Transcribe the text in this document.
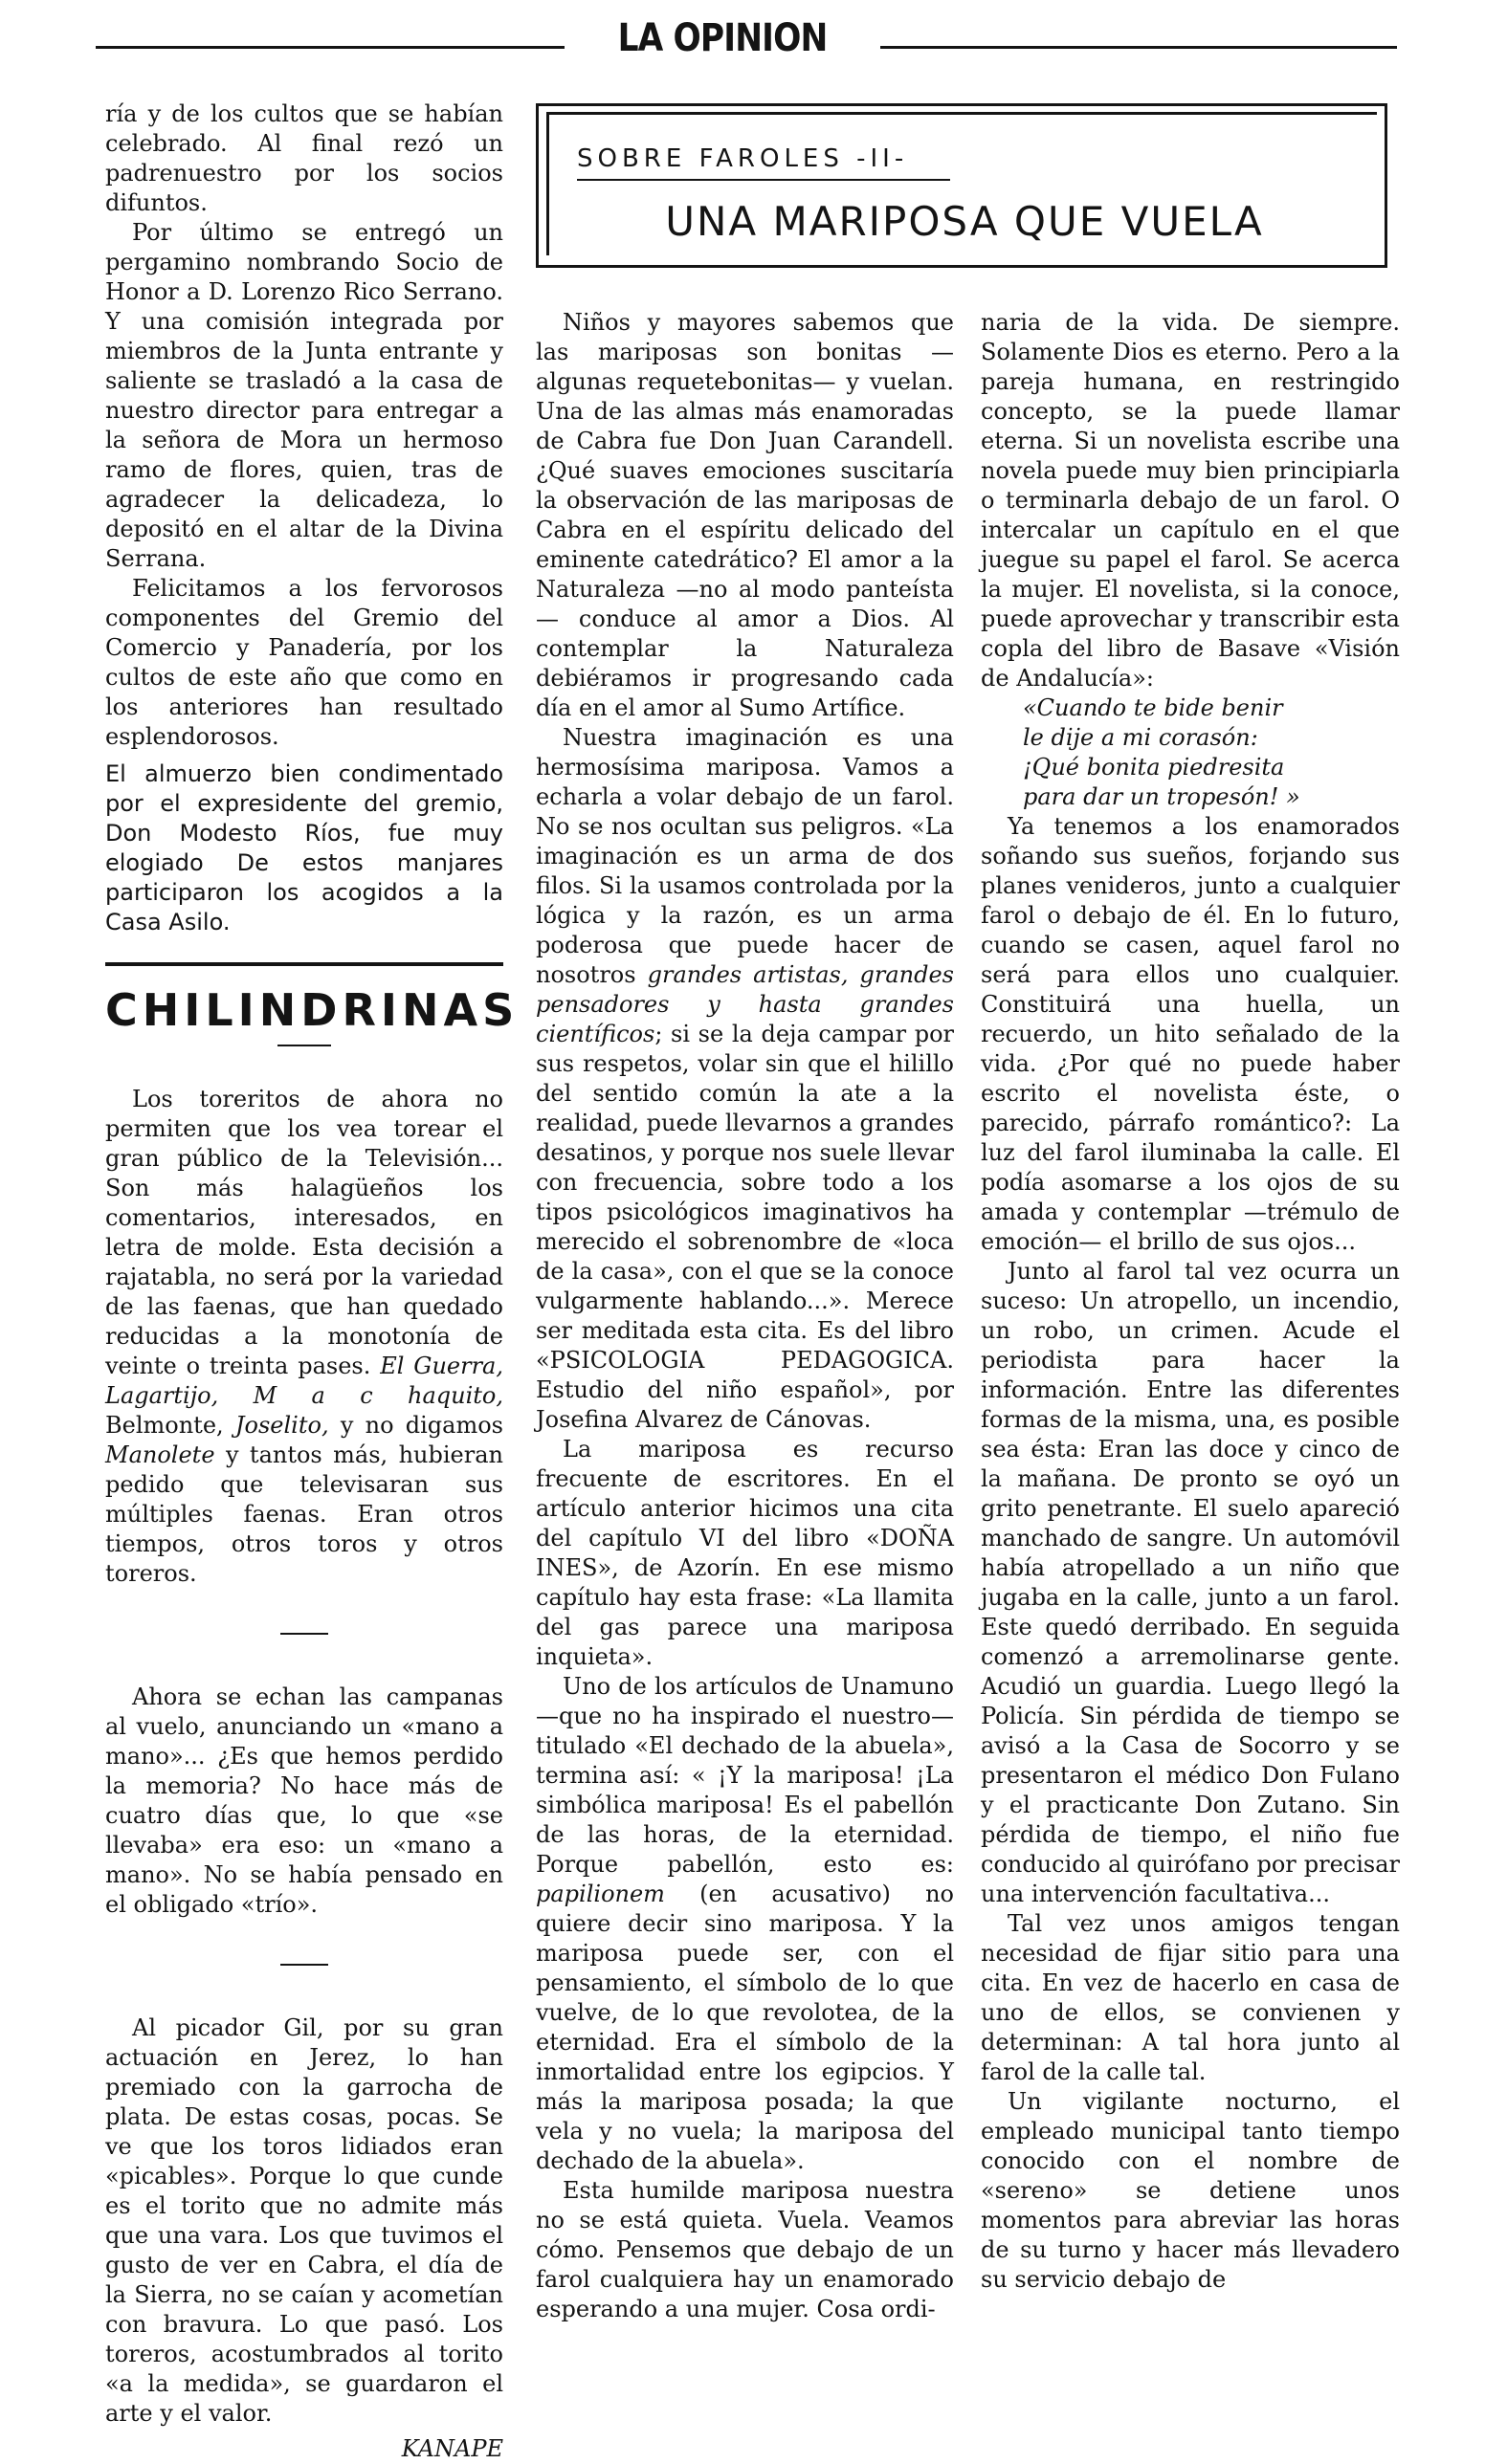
LA OPINION

ría y de los cultos que se habían celebrado. Al final rezó un padrenuestro por los socios difuntos.

Por último se entregó un pergamino nombrando Socio de Honor a D. Lorenzo Rico Serrano. Y una comisión integrada por miembros de la Junta entrante y saliente se trasladó a la casa de nuestro director para entregar a la señora de Mora un hermoso ramo de flores, quien, tras de agradecer la delicadeza, lo depositó en el altar de la Divina Serrana.

Felicitamos a los fervorosos componentes del Gremio del Comercio y Panadería, por los cultos de este año que como en los anteriores han resultado esplendorosos.

El almuerzo bien condimentado por el expresidente del gremio, Don Modesto Ríos, fue muy elogiado De estos manjares participaron los acogidos a la Casa Asilo.

CHILINDRINAS

Los toreritos de ahora no permiten que los vea torear el gran público de la Televisión... Son más halagüeños los comentarios, interesados, en letra de molde. Esta decisión a rajatabla, no será por la variedad de las faenas, que han quedado reducidas a la monotonía de veinte o treinta pases. El Guerra, Lagartijo, M a c haquito, Belmonte, Joselito, y no digamos Manolete y tantos más, hubieran pedido que televisaran sus múltiples faenas. Eran otros tiempos, otros toros y otros toreros.

Ahora se echan las campanas al vuelo, anunciando un «mano a mano»... ¿Es que hemos perdido la memoria? No hace más de cuatro días que, lo que «se llevaba» era eso: un «mano a mano». No se había pensado en el obligado «trío».

Al picador Gil, por su gran actuación en Jerez, lo han premiado con la garrocha de plata. De estas cosas, pocas. Se ve que los toros lidiados eran «picables». Porque lo que cunde es el torito que no admite más que una vara. Los que tuvimos el gusto de ver en Cabra, el día de la Sierra, no se caían y acometían con bravura. Lo que pasó. Los toreros, acostumbrados al torito «a la medida», se guardaron el arte y el valor.

KANAPE
SOBRE FAROLES -II-
UNA MARIPOSA QUE VUELA

Niños y mayores sabemos que las mariposas son bonitas —algunas requetebonitas— y vuelan. Una de las almas más enamoradas de Cabra fue Don Juan Carandell. ¿Qué suaves emociones suscitaría la observación de las mariposas de Cabra en el espíritu delicado del eminente catedrático? El amor a la Naturaleza —no al modo panteísta— conduce al amor a Dios. Al contemplar la Naturaleza debiéramos ir progresando cada día en el amor al Sumo Artífice.

Nuestra imaginación es una hermosísima mariposa. Vamos a echarla a volar debajo de un farol. No se nos ocultan sus peligros. «La imaginación es un arma de dos filos. Si la usamos controlada por la lógica y la razón, es un arma poderosa que puede hacer de nosotros grandes artistas, grandes pensadores y hasta grandes científicos; si se la deja campar por sus respetos, volar sin que el hilillo del sentido común la ate a la realidad, puede llevarnos a grandes desatinos, y porque nos suele llevar con frecuencia, sobre todo a los tipos psicológicos imaginativos ha merecido el sobrenombre de «loca de la casa», con el que se la conoce vulgarmente hablando...». Merece ser meditada esta cita. Es del libro «PSICOLOGIA PEDAGOGICA. Estudio del niño español», por Josefina Alvarez de Cánovas.

La mariposa es recurso frecuente de escritores. En el artículo anterior hicimos una cita del capítulo VI del libro «DOÑA INES», de Azorín. En ese mismo capítulo hay esta frase: «La llamita del gas parece una mariposa inquieta».

Uno de los artículos de Unamuno —que no ha inspirado el nuestro— titulado «El dechado de la abuela», termina así: « ¡Y la mariposa! ¡La simbólica mariposa! Es el pabellón de las horas, de la eternidad. Porque pabellón, esto es: papilionem (en acusativo) no quiere decir sino mariposa. Y la mariposa puede ser, con el pensamiento, el símbolo de lo que vuelve, de lo que revolotea, de la eternidad. Era el símbolo de la inmortalidad entre los egipcios. Y más la mariposa posada; la que vela y no vuela; la mariposa del dechado de la abuela».

Esta humilde mariposa nuestra no se está quieta. Vuela. Veamos cómo. Pensemos que debajo de un farol cualquiera hay un enamorado esperando a una mujer. Cosa ordi-

naria de la vida. De siempre. Solamente Dios es eterno. Pero a la pareja humana, en restringido concepto, se la puede llamar eterna. Si un novelista escribe una novela puede muy bien principiarla o terminarla debajo de un farol. O intercalar un capítulo en el que juegue su papel el farol. Se acerca la mujer. El novelista, si la conoce, puede aprovechar y transcribir esta copla del libro de Basave «Visión de Andalucía»:

«Cuando te bide benir
le dije a mi corasón:
¡Qué bonita piedresita
para dar un tropesón! »

Ya tenemos a los enamorados soñando sus sueños, forjando sus planes venideros, junto a cualquier farol o debajo de él. En lo futuro, cuando se casen, aquel farol no será para ellos uno cualquier. Constituirá una huella, un recuerdo, un hito señalado de la vida. ¿Por qué no puede haber escrito el novelista éste, o parecido, párrafo romántico?: La luz del farol iluminaba la calle. El podía asomarse a los ojos de su amada y contemplar —trémulo de emoción— el brillo de sus ojos...

Junto al farol tal vez ocurra un suceso: Un atropello, un incendio, un robo, un crimen. Acude el periodista para hacer la información. Entre las diferentes formas de la misma, una, es posible sea ésta: Eran las doce y cinco de la mañana. De pronto se oyó un grito penetrante. El suelo apareció manchado de sangre. Un automóvil había atropellado a un niño que jugaba en la calle, junto a un farol. Este quedó derribado. En seguida comenzó a arremolinarse gente. Acudió un guardia. Luego llegó la Policía. Sin pérdida de tiempo se avisó a la Casa de Socorro y se presentaron el médico Don Fulano y el practicante Don Zutano. Sin pérdida de tiempo, el niño fue conducido al quirófano por precisar una intervención facultativa...

Tal vez unos amigos tengan necesidad de fijar sitio para una cita. En vez de hacerlo en casa de uno de ellos, se convienen y determinan: A tal hora junto al farol de la calle tal.

Un vigilante nocturno, el empleado municipal tanto tiempo conocido con el nombre de «sereno» se detiene unos momentos para abreviar las horas de su turno y hacer más llevadero su servicio debajo de
